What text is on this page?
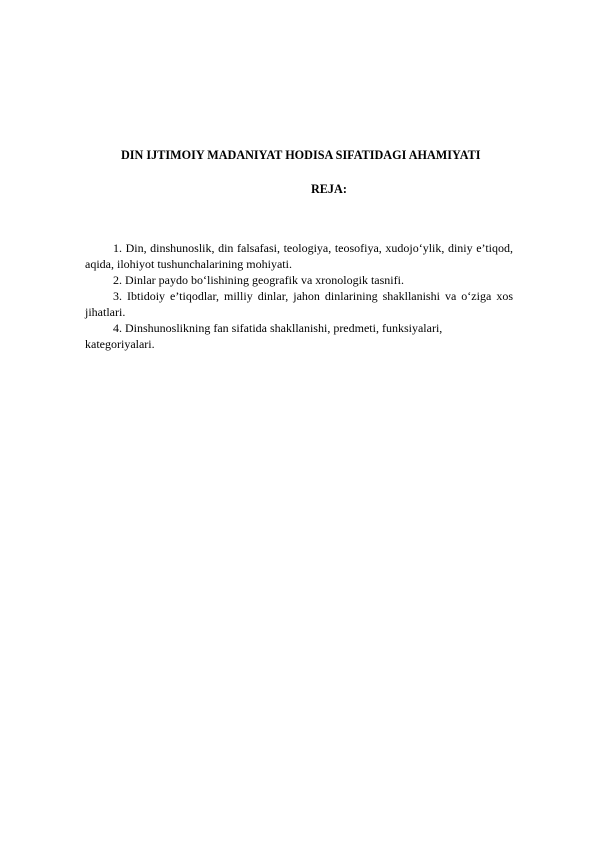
DIN IJTIMOIY MADANIYAT HODISA SIFATIDAGI AHAMIYATI
REJA:

1. Din, dinshunoslik, din falsafasi, teologiya, teosofiya, xudojo‘ylik, diniy e’tiqod, aqida, ilohiyot tushunchalarining mohiyati.

2. Dinlar paydo bo‘lishining geografik va xronologik tasnifi.

3. Ibtidoiy e’tiqodlar, milliy dinlar, jahon dinlarining shakllanishi va o‘ziga xos jihatlari.

4. Dinshunoslikning fan sifatida shakllanishi, predmeti, funksiyalari, kategoriyalari.
